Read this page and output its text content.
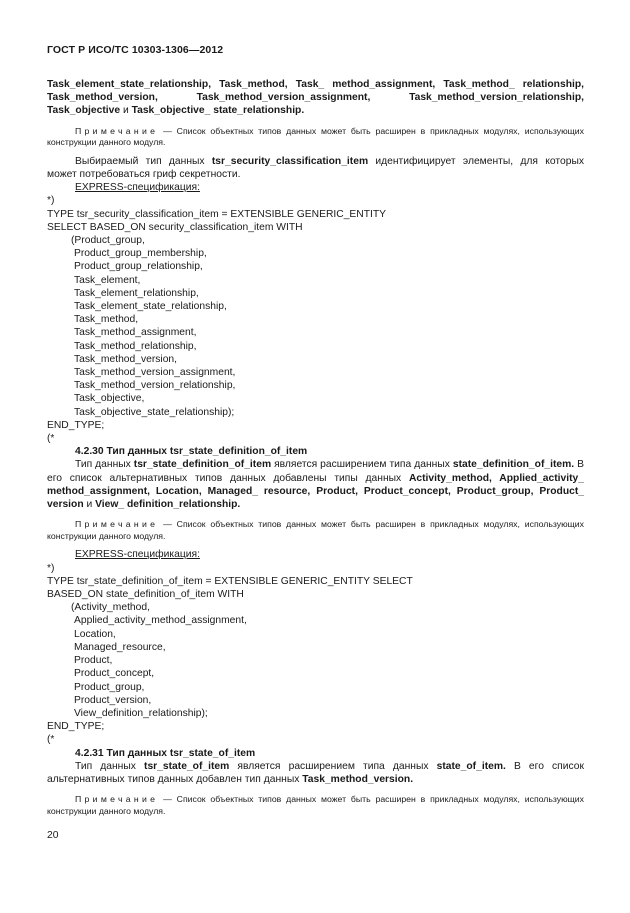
ГОСТ Р ИСО/ТС 10303-1306—2012

Task_element_state_relationship, Task_method, Task_ method_assignment, Task_method_ relationship, Task_method_version, Task_method_version_assignment, Task_method_version_relationship, Task_objective и Task_objective_ state_relationship.

Примечание — Список объектных типов данных может быть расширен в прикладных модулях, использующих конструкции данного модуля.

Выбираемый тип данных tsr_security_classification_item идентифицирует элементы, для которых может потребоваться гриф секретности.

EXPRESS-спецификация:
*)
TYPE tsr_security_classification_item = EXTENSIBLE GENERIC_ENTITY
SELECT BASED_ON security_classification_item WITH
(Product_group,
Product_group_membership,
Product_group_relationship,
Task_element,
Task_element_relationship,
Task_element_state_relationship,
Task_method,
Task_method_assignment,
Task_method_relationship,
Task_method_version,
Task_method_version_assignment,
Task_method_version_relationship,
Task_objective,
Task_objective_state_relationship);
END_TYPE;
(*

4.2.30 Тип данных tsr_state_definition_of_item

Тип данных tsr_state_definition_of_item является расширением типа данных state_definition_of_item. В его список альтернативных типов данных добавлены типы данных Activity_method, Applied_activity_ method_assignment, Location, Managed_ resource, Product, Product_concept, Product_group, Product_ version и View_ definition_relationship.

Примечание — Список объектных типов данных может быть расширен в прикладных модулях, использующих конструкции данного модуля.

EXPRESS-спецификация:
*)
TYPE tsr_state_definition_of_item = EXTENSIBLE GENERIC_ENTITY SELECT
BASED_ON state_definition_of_item WITH
(Activity_method,
Applied_activity_method_assignment,
Location,
Managed_resource,
Product,
Product_concept,
Product_group,
Product_version,
View_definition_relationship);
END_TYPE;
(*

4.2.31 Тип данных tsr_state_of_item

Тип данных tsr_state_of_item является расширением типа данных state_of_item. В его список альтернативных типов данных добавлен тип данных Task_method_version.

Примечание — Список объектных типов данных может быть расширен в прикладных модулях, использующих конструкции данного модуля.

20
